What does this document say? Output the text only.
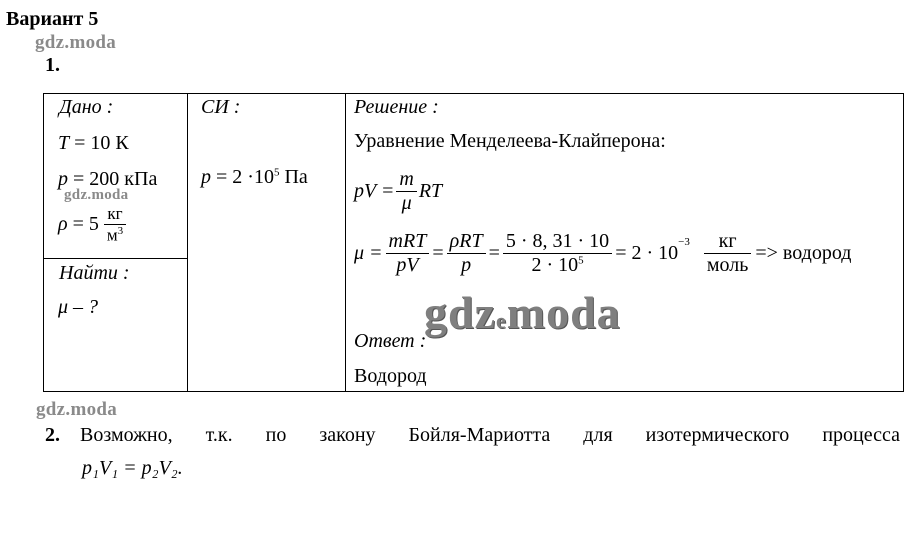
Вариант 5
gdz.moda
1.
Дано :
T = 10 К
p = 200 кПа
gdz.moda
ρ
= 5
$\frac{кг}{м^3}$
Найти :
μ – ?
СИ :
$p = 2 \cdot 10^5$ Па
Решение :
Уравнение Менделеева-Клайперона:
pV = $\frac{m}{\mu}$ RT
$\mu = \frac{\text{mRT}}{pV} = \frac{\text{ρRT}}{p} = \frac{5 \cdot 8, 31 \cdot 10}{2 \cdot 10^5} = 2 \cdot 10^{-3} \frac{кг}{\text{моль}}$ => водород
gdzemoda
Ответ :
Водород
gdz.moda
2. Возможно, т.к. по закону Бойля-Мариотта для изотермического процесса
p₁V₁ = p₂V₂.
